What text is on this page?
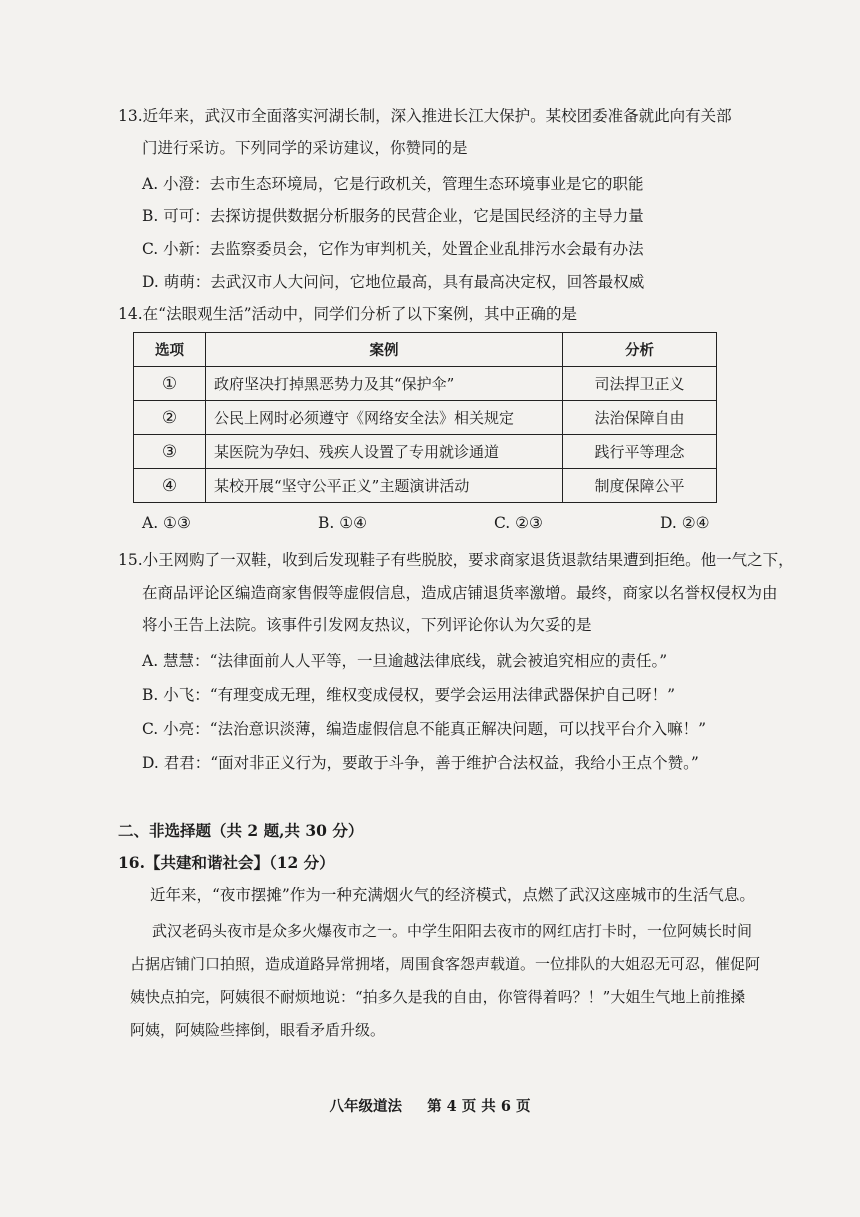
13.近年来，武汉市全面落实河湖长制，深入推进长江大保护。某校团委准备就此向有关部
门进行采访。下列同学的采访建议，你赞同的是
A. 小澄：去市生态环境局，它是行政机关，管理生态环境事业是它的职能
B. 可可：去探访提供数据分析服务的民营企业，它是国民经济的主导力量
C. 小新：去监察委员会，它作为审判机关，处置企业乱排污水会最有办法
D. 萌萌：去武汉市人大问问，它地位最高，具有最高决定权，回答最权威
14.在“法眼观生活”活动中，同学们分析了以下案例，其中正确的是
选项	案例	分析
①	政府坚决打掉黑恶势力及其“保护伞”	司法捍卫正义
②	公民上网时必须遵守《网络安全法》相关规定	法治保障自由
③	某医院为孕妇、残疾人设置了专用就诊通道	践行平等理念
④	某校开展“坚守公平正义”主题演讲活动	制度保障公平
A. ①③	B. ①④	C. ②③	D. ②④
15.小王网购了一双鞋，收到后发现鞋子有些脱胶，要求商家退货退款结果遭到拒绝。他一气之下，
在商品评论区编造商家售假等虚假信息，造成店铺退货率激增。最终，商家以名誉权侵权为由
将小王告上法院。该事件引发网友热议，下列评论你认为欠妥的是
A. 慧慧：“法律面前人人平等，一旦逾越法律底线，就会被追究相应的责任。”
B. 小飞：“有理变成无理，维权变成侵权，要学会运用法律武器保护自己呀！”
C. 小亮：“法治意识淡薄，编造虚假信息不能真正解决问题，可以找平台介入嘛！”
D. 君君：“面对非正义行为，要敢于斗争，善于维护合法权益，我给小王点个赞。”
二、非选择题（共 2 题,共 30 分）
16.【共建和谐社会】（12 分）
近年来，“夜市摆摊”作为一种充满烟火气的经济模式，点燃了武汉这座城市的生活气息。
武汉老码头夜市是众多火爆夜市之一。中学生阳阳去夜市的网红店打卡时，一位阿姨长时间
占据店铺门口拍照，造成道路异常拥堵，周围食客怨声载道。一位排队的大姐忍无可忍，催促阿
姨快点拍完，阿姨很不耐烦地说：“拍多久是我的自由，你管得着吗？！”大姐生气地上前推搡
阿姨，阿姨险些摔倒，眼看矛盾升级。
八年级道法 第 4 页 共 6 页
